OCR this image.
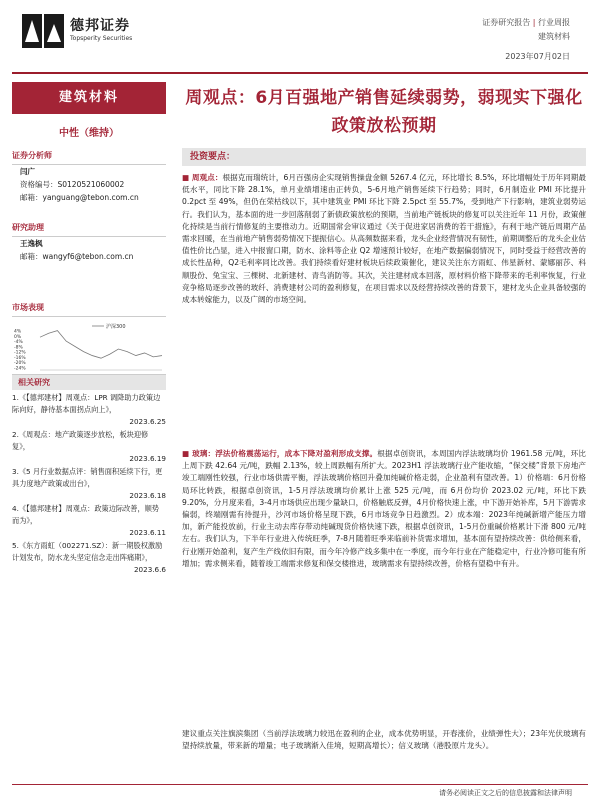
德邦证券
Topsperity Securities
证券研究报告 | 行业周报
建筑材料
2023年07月02日
建筑材料
中性（维持）
证券分析师
闫广
资格编号：S0120521060002
邮箱：yanguang@tebon.com.cn
研究助理
王逸枫
邮箱：wangyf6@tebon.com.cn
市场表现
4%
0%
-4%
-8%
-12%
-16%
-20%
-24%
沪深300
相关研究
1.《【德邦建材】周观点：LPR 调降助力政策边际向好，静待基本面拐点向上》，
2023.6.25
2.《周观点：地产政策逐步放松，板块迎修复》，
2023.6.19
3.《5 月行业数据点评：销售面积延续下行，更具力度地产政策或出台》，
2023.6.18
4.《【德邦建材】周观点：政策边际改善，顺势而为》，
2023.6.11
5.《东方雨虹（002271.SZ）：新一期股权激励计划发布，防水龙头坚定信念走出阵痛期》，
2023.6.6
周观点：6月百强地产销售延续弱势，弱现实下强化政策放松预期
投资要点：
■ 周观点：根据克而瑞统计，6月百强房企实现销售操盘金额 5267.4 亿元，环比增长 8.5%，环比增幅处于历年同期最低水平，同比下降 28.1%，单月业绩增速由正转负，5-6月地产销售延续下行趋势；同时，6月制造业 PMI 环比提升 0.2pct 至 49%，但仍在荣枯线以下，其中建筑业 PMI 环比下降 2.5pct 至 55.7%，受到地产下行影响，建筑业弱势运行。我们认为，基本面的进一步回落削弱了新债政策放松的预期，当前地产链板块的修复可以关注近年 11 月份，政策催化持续是当前行情修复的主要推动力。近期国常会审议通过《关于促进家居消费的若干措施》，有利于地产链后周期产品需求回暖，在当前地产销售弱势情况下提振信心。从高频数据来看，龙头企业经营情况有韧性，前期调整后的龙头企业估值性价比凸显，进入中报窗口期，防水、涂料等企业 Q2 增速预计较好，在地产数据偏弱情况下，同时受益于经营改善的成长性品种，Q2毛利率同比改善。我们持续看好建材板块后续政策催化，建议关注东方雨虹、伟星新材、蒙娜丽莎、科顺股份、兔宝宝、三棵树、北新建材、青鸟消防等。其次，关注建材成本回落，原材料价格下降带来的毛利率恢复，行业竞争格局逐步改善的玻纤、消费建材公司的盈利修复，在项目需求以及经营持续改善的背景下，建材龙头企业具备较强的成本转嫁能力，以及广阔的市场空间。
■ 玻璃：浮法价格震荡运行，成本下降对盈利形成支撑。根据卓创资讯，本周国内浮法玻璃均价 1961.58 元/吨，环比上周下跌 42.64 元/吨，跌幅 2.13%，较上周跌幅有所扩大。2023H1 浮法玻璃行业产能收缩，“保交楼”背景下房地产竣工端刚性较强，行业市场供需平衡，浮法玻璃价格回升叠加纯碱价格走弱，企业盈利有望改善。1）价格端：6月份格局环比转跌，根据卓创资讯，1-5月浮法玻璃均价累计上涨 525 元/吨，而 6月份均价 2023.02 元/吨，环比下跌 9.20%，分月度来看，3-4月市场供应出现少量缺口，价格触底反弹，4月价格快速上涨，中下游开始补库，5月下游需求偏弱，终端刚需有待提升，沙河市场价格呈现下跌，6月市场竞争日趋激烈。2）成本端：2023年纯碱新增产能压力增加，新产能投放前，行业主动去库存带动纯碱现货价格快速下跌，根据卓创资讯，1-5月份重碱价格累计下滑 800 元/吨左右。我们认为，下半年行业进入传统旺季，7-8月随着旺季来临前补货需求增加，基本面有望持续改善：供给侧来看，行业刚开始盈利，复产生产线依旧有限，而今年冷修产线多集中在一季度，而今年行业在产能稳定中，行业冷修可能有所增加；需求侧来看，随着竣工端需求修复和保交楼推进，玻璃需求有望持续改善，价格有望稳中有升。
建议重点关注旗滨集团（当前浮法玻璃力较迅在盈利的企业，成本优势明显，开春涨价，业绩弹性大）；23年光伏玻璃有望持续放量，带来新的增量；电子玻璃渐入佳境，短期高增长）；信义玻璃（港股原片龙头）。
请务必阅读正文之后的信息披露和法律声明
